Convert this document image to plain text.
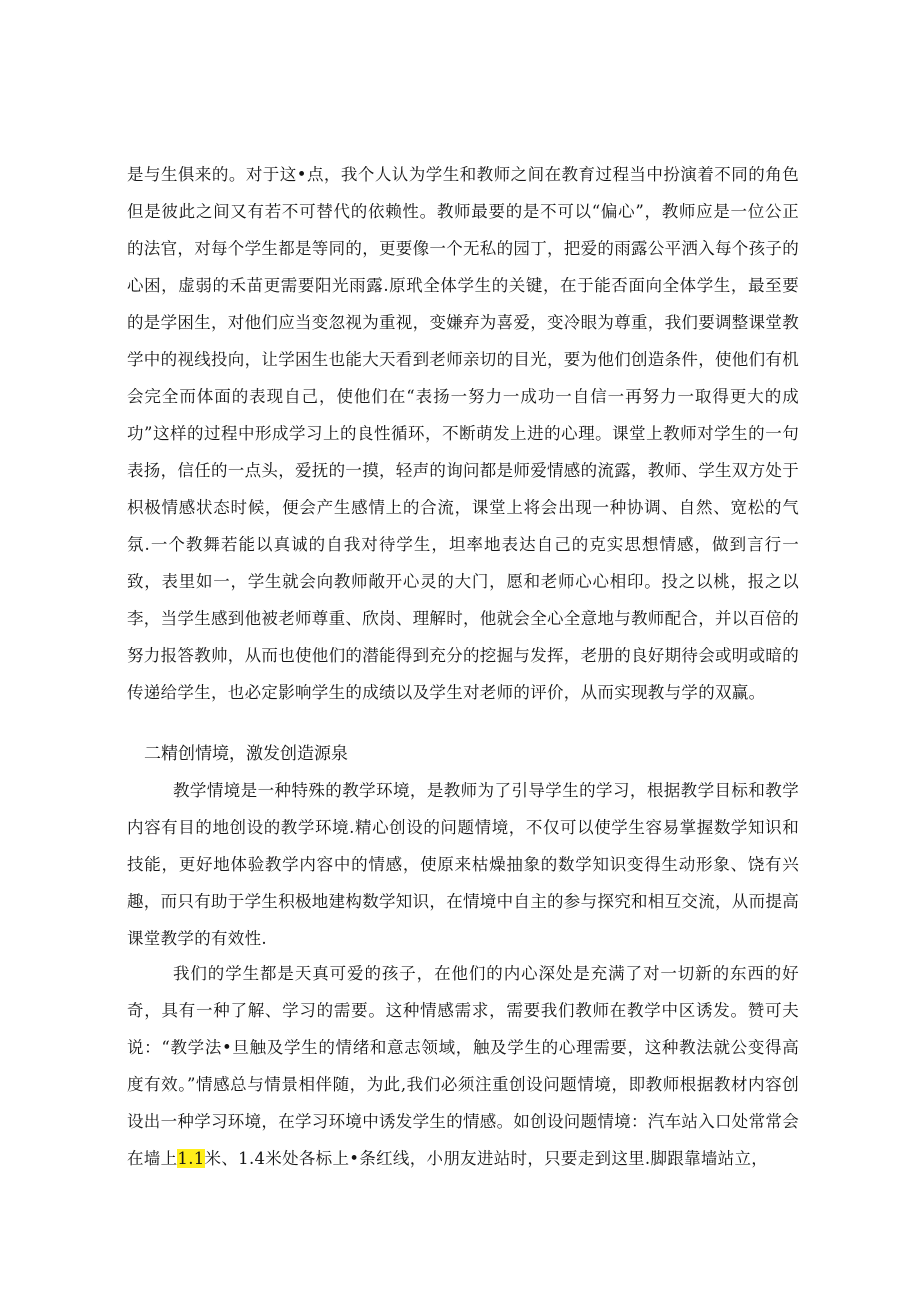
是与生俱来的。对于这•点，我个人认为学生和教师之间在教育过程当中扮演着不同的角色但是彼此之间又有若不可替代的依赖性。教师最要的是不可以“偏心”，教师应是一位公正的法官，对每个学生都是等同的，更要像一个无私的园丁，把爱的雨露公平洒入每个孩子的心困，虚弱的禾苗更需要阳光雨露.原玳全体学生的关键，在于能否面向全体学生，最至要的是学困生，对他们应当变忽视为重视，变嫌弃为喜爱，变冷眼为尊重，我们要调整课堂教学中的视线投向，让学困生也能大天看到老师亲切的目光，要为他们创造条件，使他们有机会完全而体面的表现自己，使他们在“表扬一努力一成功一自信一再努力一取得更大的成功”这样的过程中形成学习上的良性循环，不断萌发上进的心理。课堂上教师对学生的一句表扬，信任的一点头，爱抚的一摸，轻声的询问都是师爱情感的流露，教师、学生双方处于枳极情感状态时候，便会产生感情上的合流，课堂上将会出现一种协调、自然、宽松的气氛.一个教舞若能以真诚的自我对待学生，坦率地表达自己的克实思想情感，做到言行一致，表里如一，学生就会向教师敞开心灵的大门，愿和老师心心相印。投之以桃，报之以李，当学生感到他被老师尊重、欣岗、理解时，他就会全心全意地与教师配合，并以百倍的努力报答教帅，从而也使他们的潜能得到充分的挖掘与发挥，老册的良好期待会或明或暗的传递给学生，也必定影响学生的成绩以及学生对老师的评价，从而实现教与学的双赢。
二精创情境，激发创造源泉
教学情境是一种特殊的教学环境，是教师为了引导学生的学习，根据教学目标和教学内容有目的地创设的教学环境.精心创设的问题情境，不仅可以使学生容易掌握数学知识和技能，更好地体验教学内容中的情感，使原来枯燥抽象的数学知识变得生动形象、饶有兴趣，而只有助于学生积极地建构数学知识，在情境中自主的参与探究和相互交流，从而提高课堂教学的有效性.
我们的学生都是天真可爱的孩子，在他们的内心深处是充满了对一切新的东西的好奇，具有一种了解、学习的需要。这种情感需求，需要我们教师在教学中区诱发。赞可夫说：“教学法•旦触及学生的情绪和意志领域，触及学生的心理需要，这种教法就公变得高度有效。”情感总与情景相伴随，为此,我们必须注重创设问题情境，即教师根据教材内容创设出一种学习环境，在学习环境中诱发学生的情感。如创设问题情境：汽车站入口处常常会在墙上1.1米、1.4米处各标上•条红线，小朋友进站时，只要走到这里.脚跟靠墙站立，
